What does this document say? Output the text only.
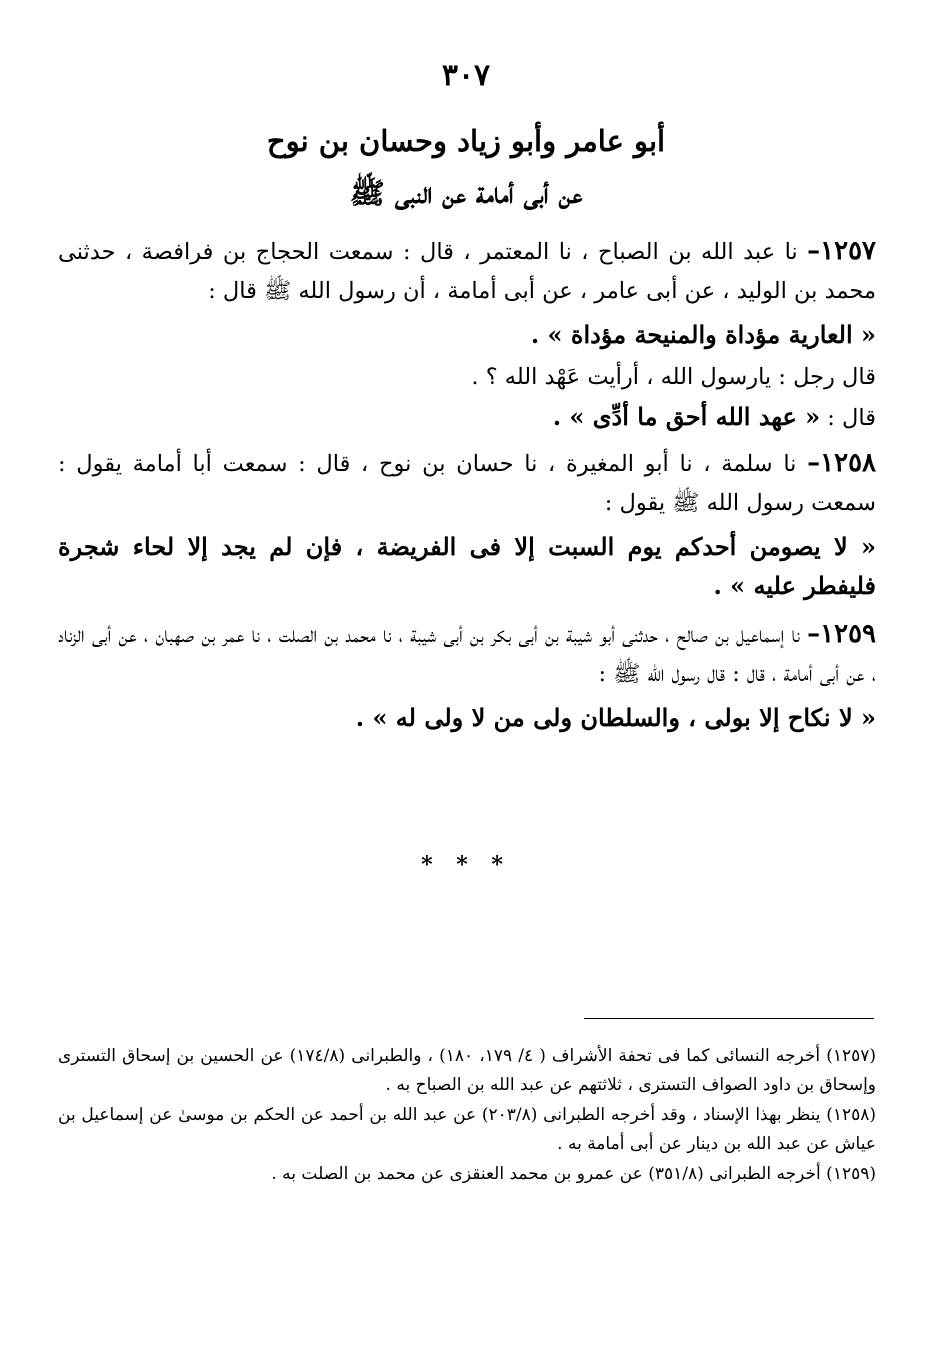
٣٠٧
أبو عامر وأبو زياد وحسان بن نوح
عن أبى أمامة عن النبى ﷺ

١٢٥٧– نا عبد الله بن الصباح ، نا المعتمر ، قال : سمعت الحجاج بن فرافصة ، حدثنى محمد بن الوليد ، عن أبى عامر ، عن أبى أمامة ، أن رسول الله ﷺ قال :

« العارية مؤداة والمنيحة مؤداة » .

قال رجل : يارسول الله ، أرأيت عَهْد الله ؟ .

قال : « عهد الله أحق ما أدِّى » .

١٢٥٨– نا سلمة ، نا أبو المغيرة ، نا حسان بن نوح ، قال : سمعت أبا أمامة يقول : سمعت رسول الله ﷺ يقول :

« لا يصومن أحدكم يوم السبت إلا فى الفريضة ، فإن لم يجد إلا لحاء شجرة فليفطر عليه » .

١٢٥٩– نا إسماعيل بن صالح ، حدثنى أبو شيبة بن أبى بكر بن أبى شيبة ، نا محمد بن الصلت ، نا عمر بن صهبان ، عن أبى الزناد ، عن أبى أمامة ، قال : قال رسول الله ﷺ :

« لا نكاح إلا بولى ، والسلطان ولى من لا ولى له » .

* * *

(١٢٥٧) أخرجه النسائى كما فى تحفة الأشراف ( ٤/ ١٧٩، ١٨٠) ، والطبرانى (١٧٤/٨) عن الحسين بن إسحاق التسترى وإسحاق بن داود الصواف التسترى ، ثلاثتهم عن عبد الله بن الصباح به .

(١٢٥٨) ينظر بهذا الإسناد ، وقد أخرجه الطبرانى (٢٠٣/٨) عن عبد الله بن أحمد عن الحكم بن موسىٰ عن إسماعيل بن عياش عن عبد الله بن دينار عن أبى أمامة به .

(١٢٥٩) أخرجه الطبرانى (٣٥١/٨) عن عمرو بن محمد العنقزى عن محمد بن الصلت به .
